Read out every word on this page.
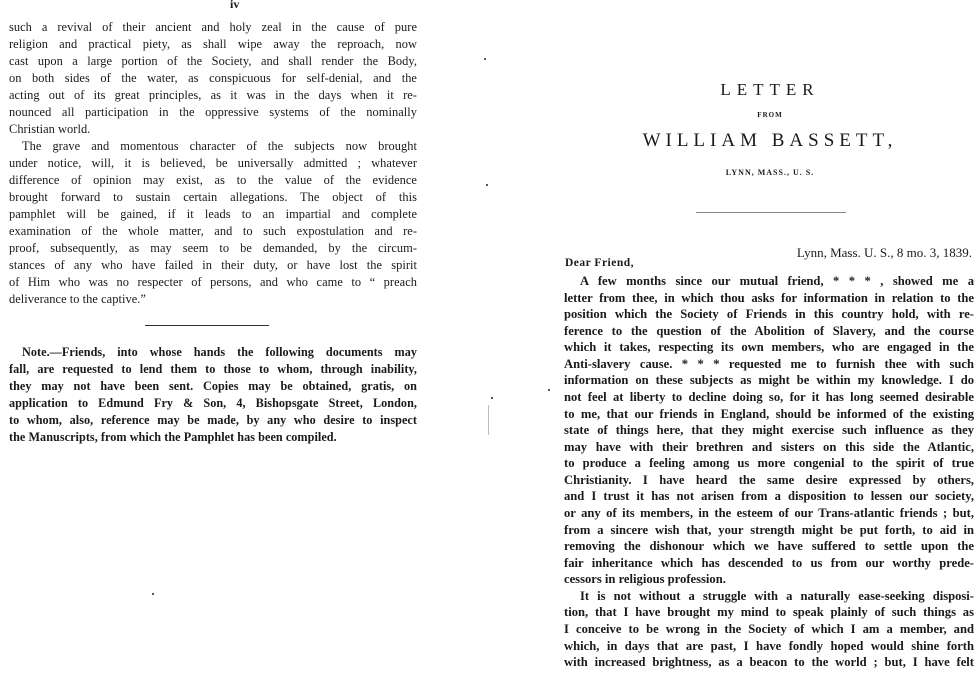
iv
such a revival of their ancient and holy zeal in the cause of pure
religion and practical piety, as shall wipe away the reproach, now
cast upon a large portion of the Society, and shall render the Body,
on both sides of the water, as conspicuous for self-denial, and the
acting out of its great principles, as it was in the days when it re-
nounced all participation in the oppressive systems of the nominally
Christian world.
The grave and momentous character of the subjects now brought
under notice, will, it is believed, be universally admitted ; whatever
difference of opinion may exist, as to the value of the evidence
brought forward to sustain certain allegations. The object of this
pamphlet will be gained, if it leads to an impartial and complete
examination of the whole matter, and to such expostulation and re-
proof, subsequently, as may seem to be demanded, by the circum-
stances of any who have failed in their duty, or have lost the spirit
of Him who was no respecter of persons, and who came to “ preach
deliverance to the captive.”
Note.—Friends, into whose hands the following documents may
fall, are requested to lend them to those to whom, through inability,
they may not have been sent. Copies may be obtained, gratis, on
application to Edmund Fry & Son, 4, Bishopsgate Street, London,
to whom, also, reference may be made, by any who desire to inspect
the Manuscripts, from which the Pamphlet has been compiled.
LETTER
FROM
WILLIAM BASSETT,
LYNN, MASS., U. S.
Lynn, Mass. U. S., 8 mo. 3, 1839.
Dear Friend,
A few months since our mutual friend, * * * , showed me a
letter from thee, in which thou asks for information in relation to the
position which the Society of Friends in this country hold, with re-
ference to the question of the Abolition of Slavery, and the course
which it takes, respecting its own members, who are engaged in the
Anti-slavery cause. * * * requested me to furnish thee with such
information on these subjects as might be within my knowledge. I do
not feel at liberty to decline doing so, for it has long seemed desirable
to me, that our friends in England, should be informed of the existing
state of things here, that they might exercise such influence as they
may have with their brethren and sisters on this side the Atlantic,
to produce a feeling among us more congenial to the spirit of true
Christianity. I have heard the same desire expressed by others,
and I trust it has not arisen from a disposition to lessen our society,
or any of its members, in the esteem of our Trans-atlantic friends ; but,
from a sincere wish that, your strength might be put forth, to aid in
removing the dishonour which we have suffered to settle upon the
fair inheritance which has descended to us from our worthy prede-
cessors in religious profession.
It is not without a struggle with a naturally ease-seeking disposi-
tion, that I have brought my mind to speak plainly of such things as
I conceive to be wrong in the Society of which I am a member, and
which, in days that are past, I have fondly hoped would shine forth
with increased brightness, as a beacon to the world ; but, I have felt
